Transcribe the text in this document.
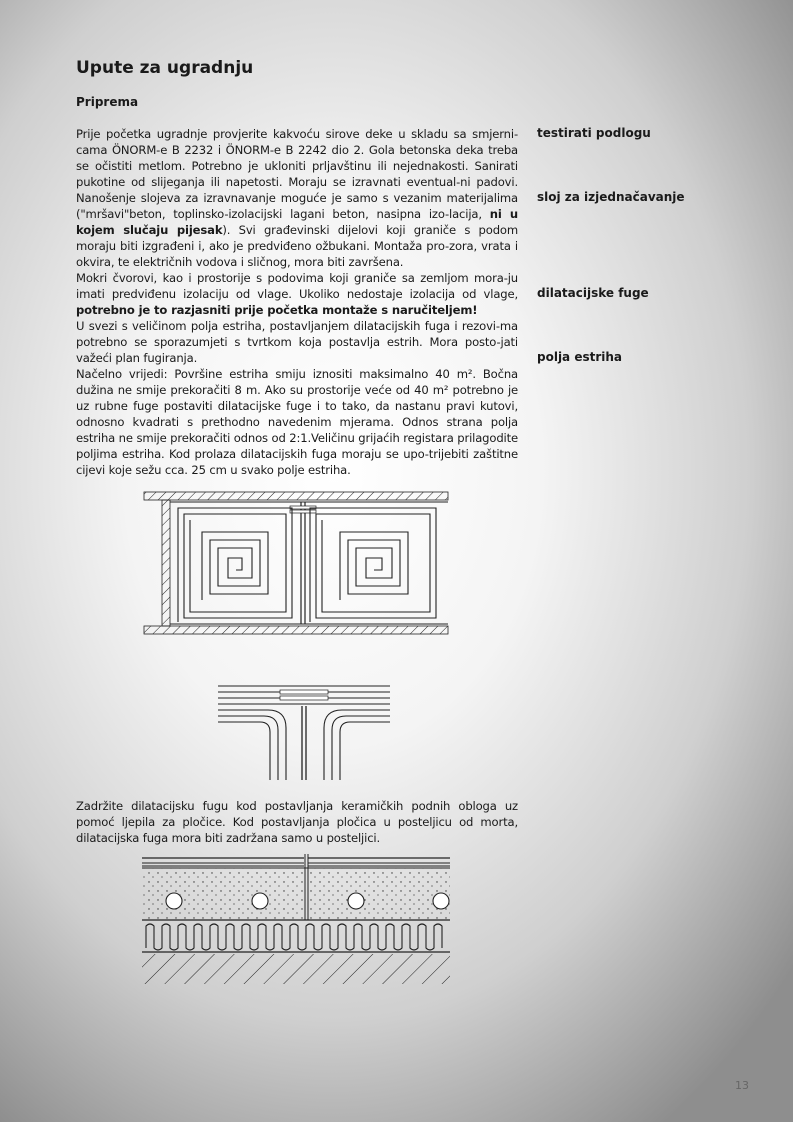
Upute za ugradnju
Priprema

Prije početka ugradnje provjerite kakvoću sirove deke u skladu sa smjerni-cama ÖNORM-e B 2232 i ÖNORM-e B 2242 dio 2. Gola betonska deka treba se očistiti metlom. Potrebno je ukloniti prljavštinu ili nejednakosti. Sanirati pukotine od slijeganja ili napetosti. Moraju se izravnati eventual-ni padovi. Nanošenje slojeva za izravnavanje moguće je samo s vezanim materijalima ("mršavi"beton, toplinsko-izolacijski lagani beton, nasipna izo-lacija, ni u kojem slučaju pijesak). Svi građevinski dijelovi koji graniče s podom moraju biti izgrađeni i, ako je predviđeno ožbukani. Montaža pro-zora, vrata i okvira, te električnih vodova i sličnog, mora biti završena.

Mokri čvorovi, kao i prostorije s podovima koji graniče sa zemljom mora-ju imati predviđenu izolaciju od vlage. Ukoliko nedostaje izolacija od vlage, potrebno je to razjasniti prije početka montaže s naručiteljem!

U svezi s veličinom polja estriha, postavljanjem dilatacijskih fuga i rezovi-ma potrebno se sporazumjeti s tvrtkom koja postavlja estrih. Mora posto-jati važeći plan fugiranja.

Načelno vrijedi: Površine estriha smiju iznositi maksimalno 40 m². Bočna dužina ne smije prekoračiti 8 m. Ako su prostorije veće od 40 m² potrebno je uz rubne fuge postaviti dilatacijske fuge i to tako, da nastanu pravi kutovi, odnosno kvadrati s prethodno navedenim mjerama. Odnos strana polja estriha ne smije prekoračiti odnos od 2:1.Veličinu grijaćih registara prilagodite poljima estriha. Kod prolaza dilatacijskih fuga moraju se upo-trijebiti zaštitne cijevi koje sežu cca. 25 cm u svako polje estriha.

testirati podlogu
sloj za izjednačavanje
dilatacijske fuge
polja estriha
Zadržite dilatacijsku fugu kod postavljanja keramičkih podnih obloga uz pomoć ljepila za pločice. Kod postavljanja pločica u posteljicu od morta, dilatacijska fuga mora biti zadržana samo u posteljici.
13
